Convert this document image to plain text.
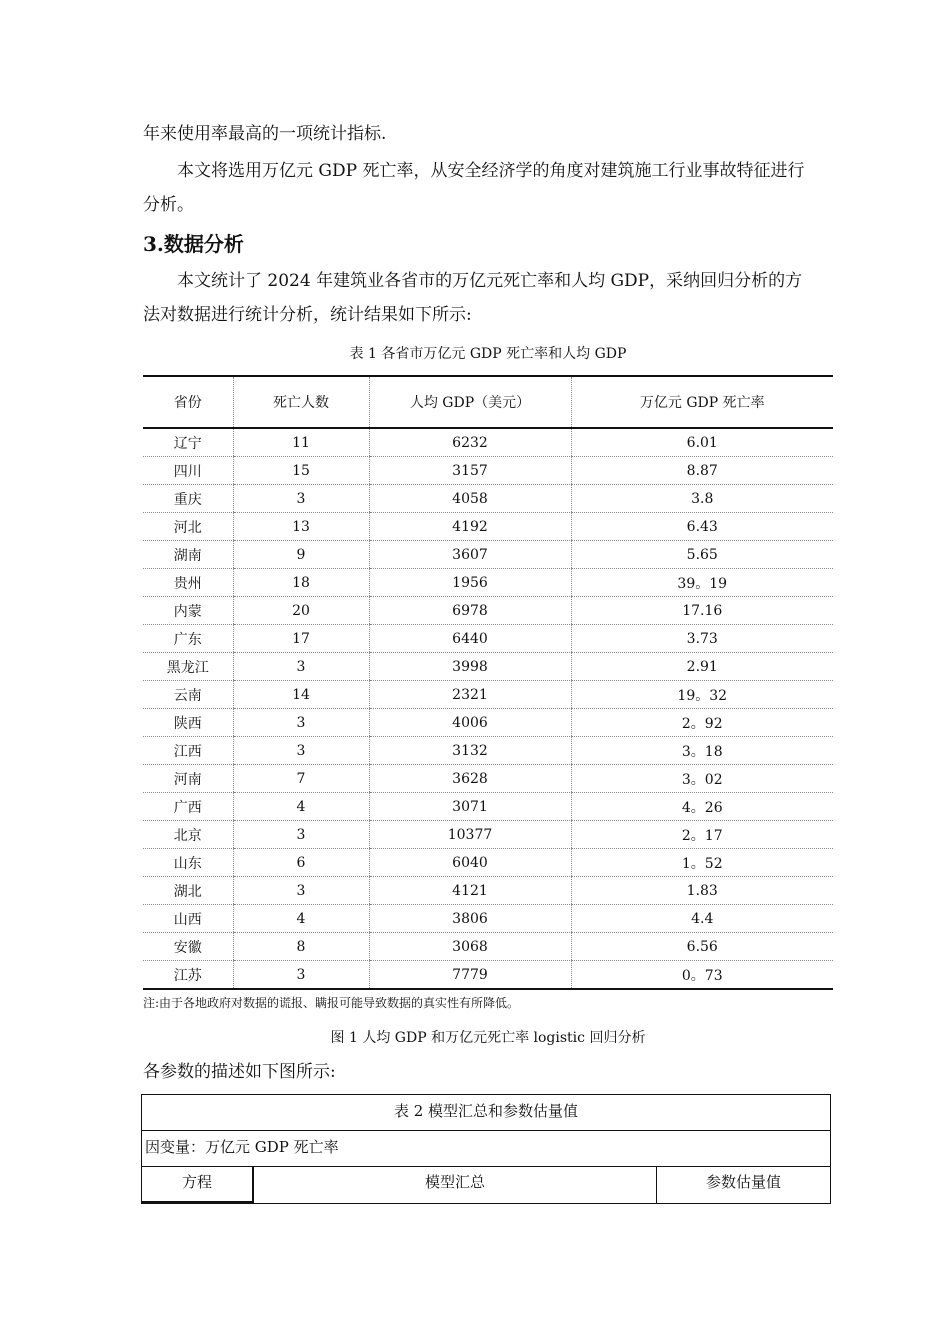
年来使用率最高的一项统计指标.

本文将选用万亿元 GDP 死亡率，从安全经济学的角度对建筑施工行业事故特征进行分析。

3.数据分析

本文统计了 2024 年建筑业各省市的万亿元死亡率和人均 GDP，采纳回归分析的方法对数据进行统计分析，统计结果如下所示:

表 1 各省市万亿元 GDP 死亡率和人均 GDP

省份	死亡人数	人均 GDP（美元）	万亿元 GDP 死亡率
辽宁	11	6232	6.01
四川	15	3157	8.87
重庆	3	4058	3.8
河北	13	4192	6.43
湖南	9	3607	5.65
贵州	18	1956	39。19
内蒙	20	6978	17.16
广东	17	6440	3.73
黑龙江	3	3998	2.91
云南	14	2321	19。32
陕西	3	4006	2。92
江西	3	3132	3。18
河南	7	3628	3。02
广西	4	3071	4。26
北京	3	10377	2。17
山东	6	6040	1。52
湖北	3	4121	1.83
山西	4	3806	4.4
安徽	8	3068	6.56
江苏	3	7779	0。73

注:由于各地政府对数据的谎报、瞒报可能导致数据的真实性有所降低。

图 1 人均 GDP 和万亿元死亡率 logistic 回归分析

各参数的描述如下图所示:

表 2 模型汇总和参数估量值
因变量：万亿元 GDP 死亡率
方程	模型汇总	参数估量值
